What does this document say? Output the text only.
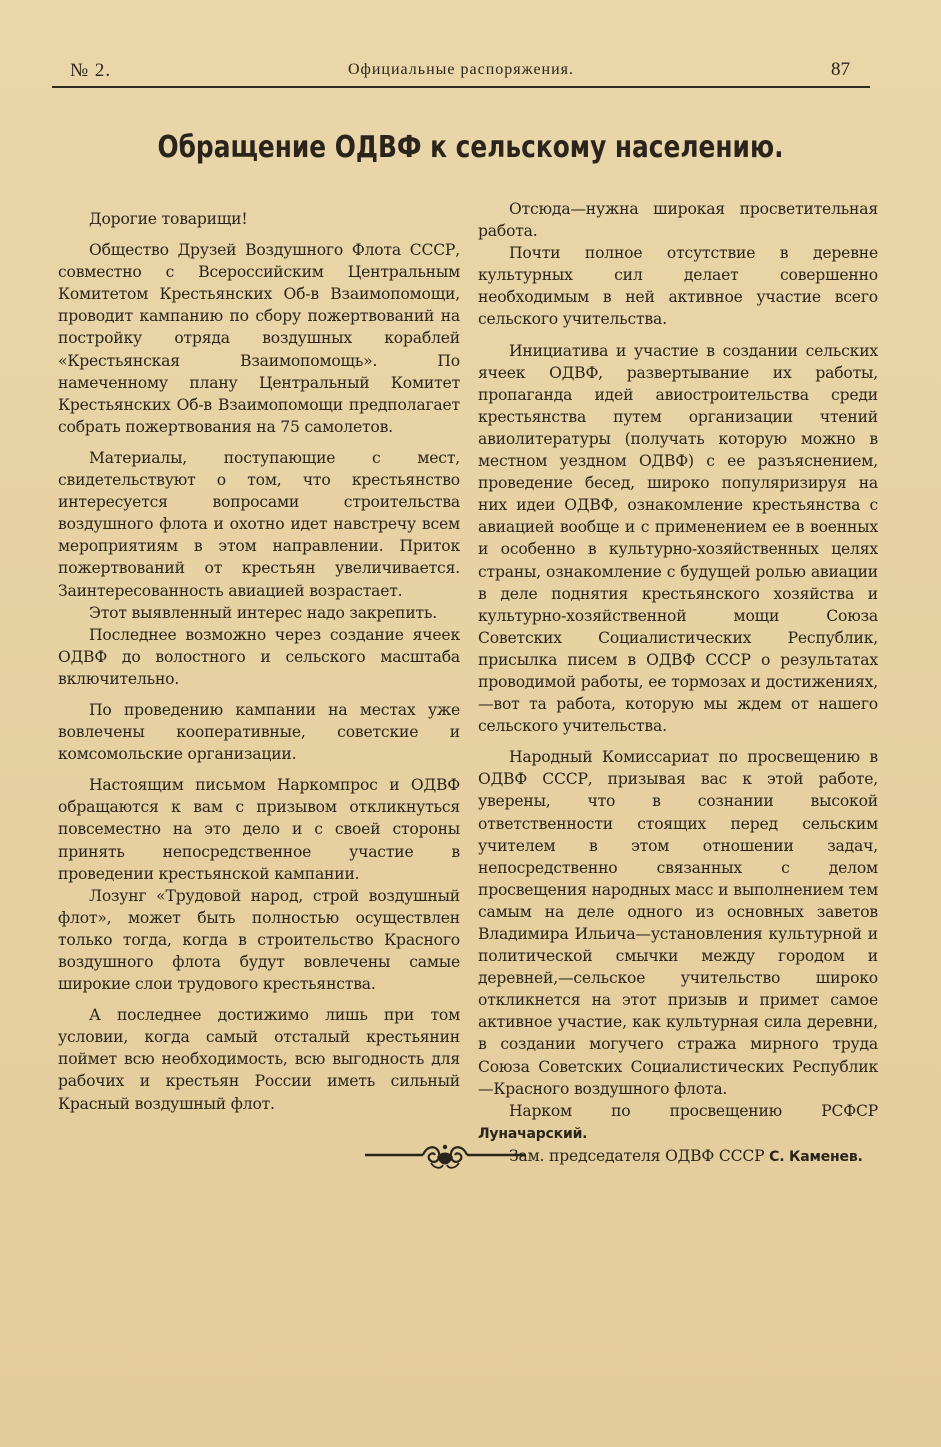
№ 2.	Официальные распоряжения.	87
Обращение ОДВФ к сельскому населению.

Дорогие товарищи!

Общество Друзей Воздушного Флота СССР, совместно с Всероссийским Центральным Комитетом Крестьянских Об-в Взаимопомощи, проводит кампанию по сбору пожертвований на постройку отряда воздушных кораблей «Крестьянская Взаимопомощь». По намеченному плану Центральный Комитет Крестьянских Об-в Взаимопомощи предполагает собрать пожертвования на 75 самолетов.

Материалы, поступающие с мест, свидетельствуют о том, что крестьянство интересуется вопросами строительства воздушного флота и охотно идет навстречу всем мероприятиям в этом направлении. Приток пожертвований от крестьян увеличивается. Заинтересованность авиацией возрастает.

Этот выявленный интерес надо закрепить.

Последнее возможно через создание ячеек ОДВФ до волостного и сельского масштаба включительно.

По проведению кампании на местах уже вовлечены кооперативные, советские и комсомольские организации.

Настоящим письмом Наркомпрос и ОДВФ обращаются к вам с призывом откликнуться повсеместно на это дело и с своей стороны принять непосредственное участие в проведении крестьянской кампании.

Лозунг «Трудовой народ, строй воздушный флот», может быть полностью осуществлен только тогда, когда в строительство Красного воздушного флота будут вовлечены самые широкие слои трудового крестьянства.

А последнее достижимо лишь при том условии, когда самый отсталый крестьянин поймет всю необходимость, всю выгодность для рабочих и крестьян России иметь сильный Красный воздушный флот.

Отсюда—нужна широкая просветительная работа.

Почти полное отсутствие в деревне культурных сил делает совершенно необходимым в ней активное участие всего сельского учительства.

Инициатива и участие в создании сельских ячеек ОДВФ, развертывание их работы, пропаганда идей авиостроительства среди крестьянства путем организации чтений авиолитературы (получать которую можно в местном уездном ОДВФ) с ее разъяснением, проведение бесед, широко популяризируя на них идеи ОДВФ, ознакомление крестьянства с авиацией вообще и с применением ее в военных и особенно в культурно-хозяйственных целях страны, ознакомление с будущей ролью авиации в деле поднятия крестьянского хозяйства и культурно-хозяйственной мощи Союза Советских Социалистических Республик, присылка писем в ОДВФ СССР о результатах проводимой работы, ее тормозах и достижениях,—вот та работа, которую мы ждем от нашего сельского учительства.

Народный Комиссариат по просвещению в ОДВФ СССР, призывая вас к этой работе, уверены, что в сознании высокой ответственности стоящих перед сельским учителем в этом отношении задач, непосредственно связанных с делом просвещения народных масс и выполнением тем самым на деле одного из основных заветов Владимира Ильича—установления культурной и политической смычки между городом и деревней,—сельское учительство широко откликнется на этот призыв и примет самое активное участие, как культурная сила деревни, в создании могучего стража мирного труда Союза Советских Социалистических Республик—Красного воздушного флота.

Нарком по просвещению РСФСР Луначарский.

Зам. председателя ОДВФ СССР С. Каменев.
